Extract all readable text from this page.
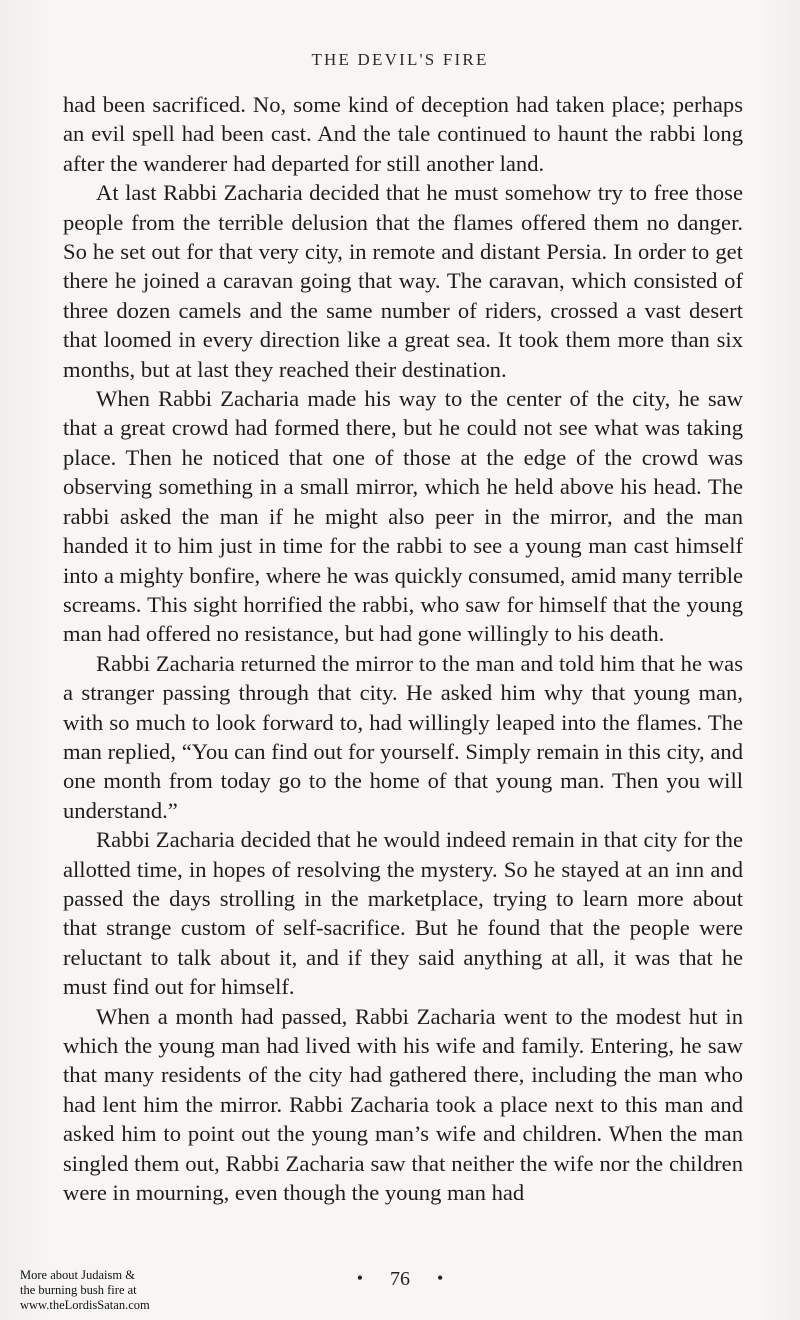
THE DEVIL'S FIRE

had been sacrificed. No, some kind of deception had taken place; perhaps an evil spell had been cast. And the tale continued to haunt the rabbi long after the wanderer had departed for still another land.

At last Rabbi Zacharia decided that he must somehow try to free those people from the terrible delusion that the flames offered them no danger. So he set out for that very city, in remote and distant Persia. In order to get there he joined a caravan going that way. The caravan, which consisted of three dozen camels and the same number of riders, crossed a vast desert that loomed in every direction like a great sea. It took them more than six months, but at last they reached their destination.

When Rabbi Zacharia made his way to the center of the city, he saw that a great crowd had formed there, but he could not see what was taking place. Then he noticed that one of those at the edge of the crowd was observing something in a small mirror, which he held above his head. The rabbi asked the man if he might also peer in the mirror, and the man handed it to him just in time for the rabbi to see a young man cast himself into a mighty bonfire, where he was quickly consumed, amid many terrible screams. This sight horrified the rabbi, who saw for himself that the young man had offered no resistance, but had gone willingly to his death.

Rabbi Zacharia returned the mirror to the man and told him that he was a stranger passing through that city. He asked him why that young man, with so much to look forward to, had willingly leaped into the flames. The man replied, “You can find out for yourself. Simply remain in this city, and one month from today go to the home of that young man. Then you will understand.”

Rabbi Zacharia decided that he would indeed remain in that city for the allotted time, in hopes of resolving the mystery. So he stayed at an inn and passed the days strolling in the marketplace, trying to learn more about that strange custom of self-sacrifice. But he found that the people were reluctant to talk about it, and if they said anything at all, it was that he must find out for himself.

When a month had passed, Rabbi Zacharia went to the modest hut in which the young man had lived with his wife and family. Entering, he saw that many residents of the city had gathered there, including the man who had lent him the mirror. Rabbi Zacharia took a place next to this man and asked him to point out the young man’s wife and children. When the man singled them out, Rabbi Zacharia saw that neither the wife nor the children were in mourning, even though the young man had

• 76 •
More about Judaism &
the burning bush fire at
www.theLordisSatan.com
